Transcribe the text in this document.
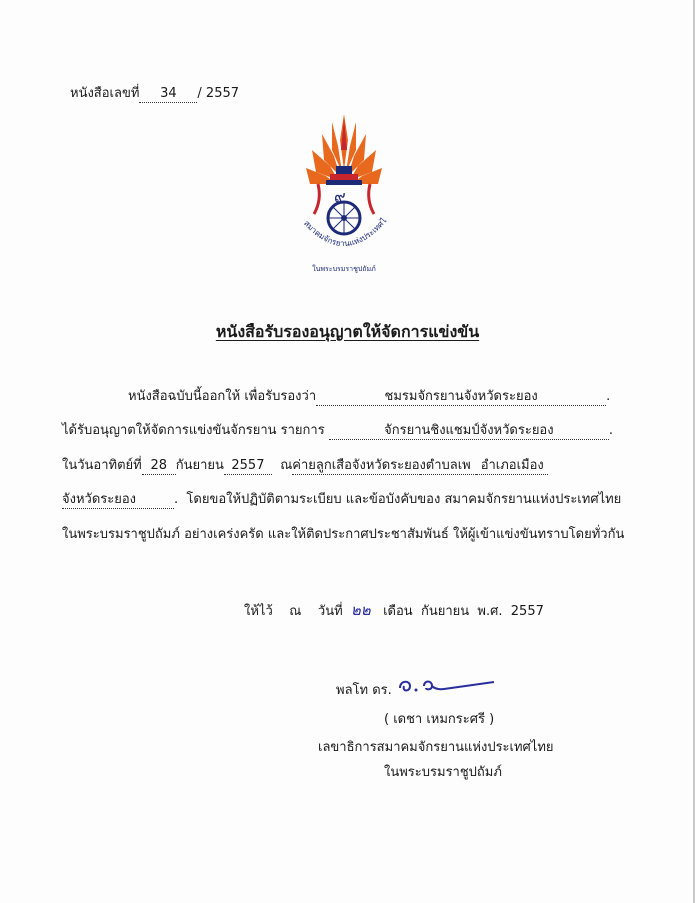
หนังสือเลขที่ 34 / 2557
๙
สมาคมจักรยานแห่งประเทศไ
ในพระบรมราชูปถัมภ์
หนังสือรับรองอนุญาตให้จัดการแข่งขัน
หนังสือฉบับนี้ออกให้ เพื่อรับรองว่า	ชมรมจักรยานจังหวัดระยอง	.
ได้รับอนุญาตให้จัดการแข่งขันจักรยาน รายการ	จักรยานชิงแชมป์จังหวัดระยอง	.
ในวันอาทิตย์ที่ 28 กันยายน 2557 ณค่ายลูกเสือจังหวัดระยองตำบลเพ อำเภอเมือง
จังหวัดระยอง	.  โดยขอให้ปฏิบัติตามระเบียบ และข้อบังคับของ สมาคมจักรยานแห่งประเทศไทย
ในพระบรมราชูปถัมภ์ อย่างเคร่งครัด และให้ติดประกาศประชาสัมพันธ์ ให้ผู้เข้าแข่งขันทราบโดยทั่วกัน
ให้ไว้ ณ วันที่ ๒๒ เดือน กันยายน พ.ศ. 2557
พลโท ดร.
( เดชา เหมกระศรี )
เลขาธิการสมาคมจักรยานแห่งประเทศไทย
ในพระบรมราชูปถัมภ์
